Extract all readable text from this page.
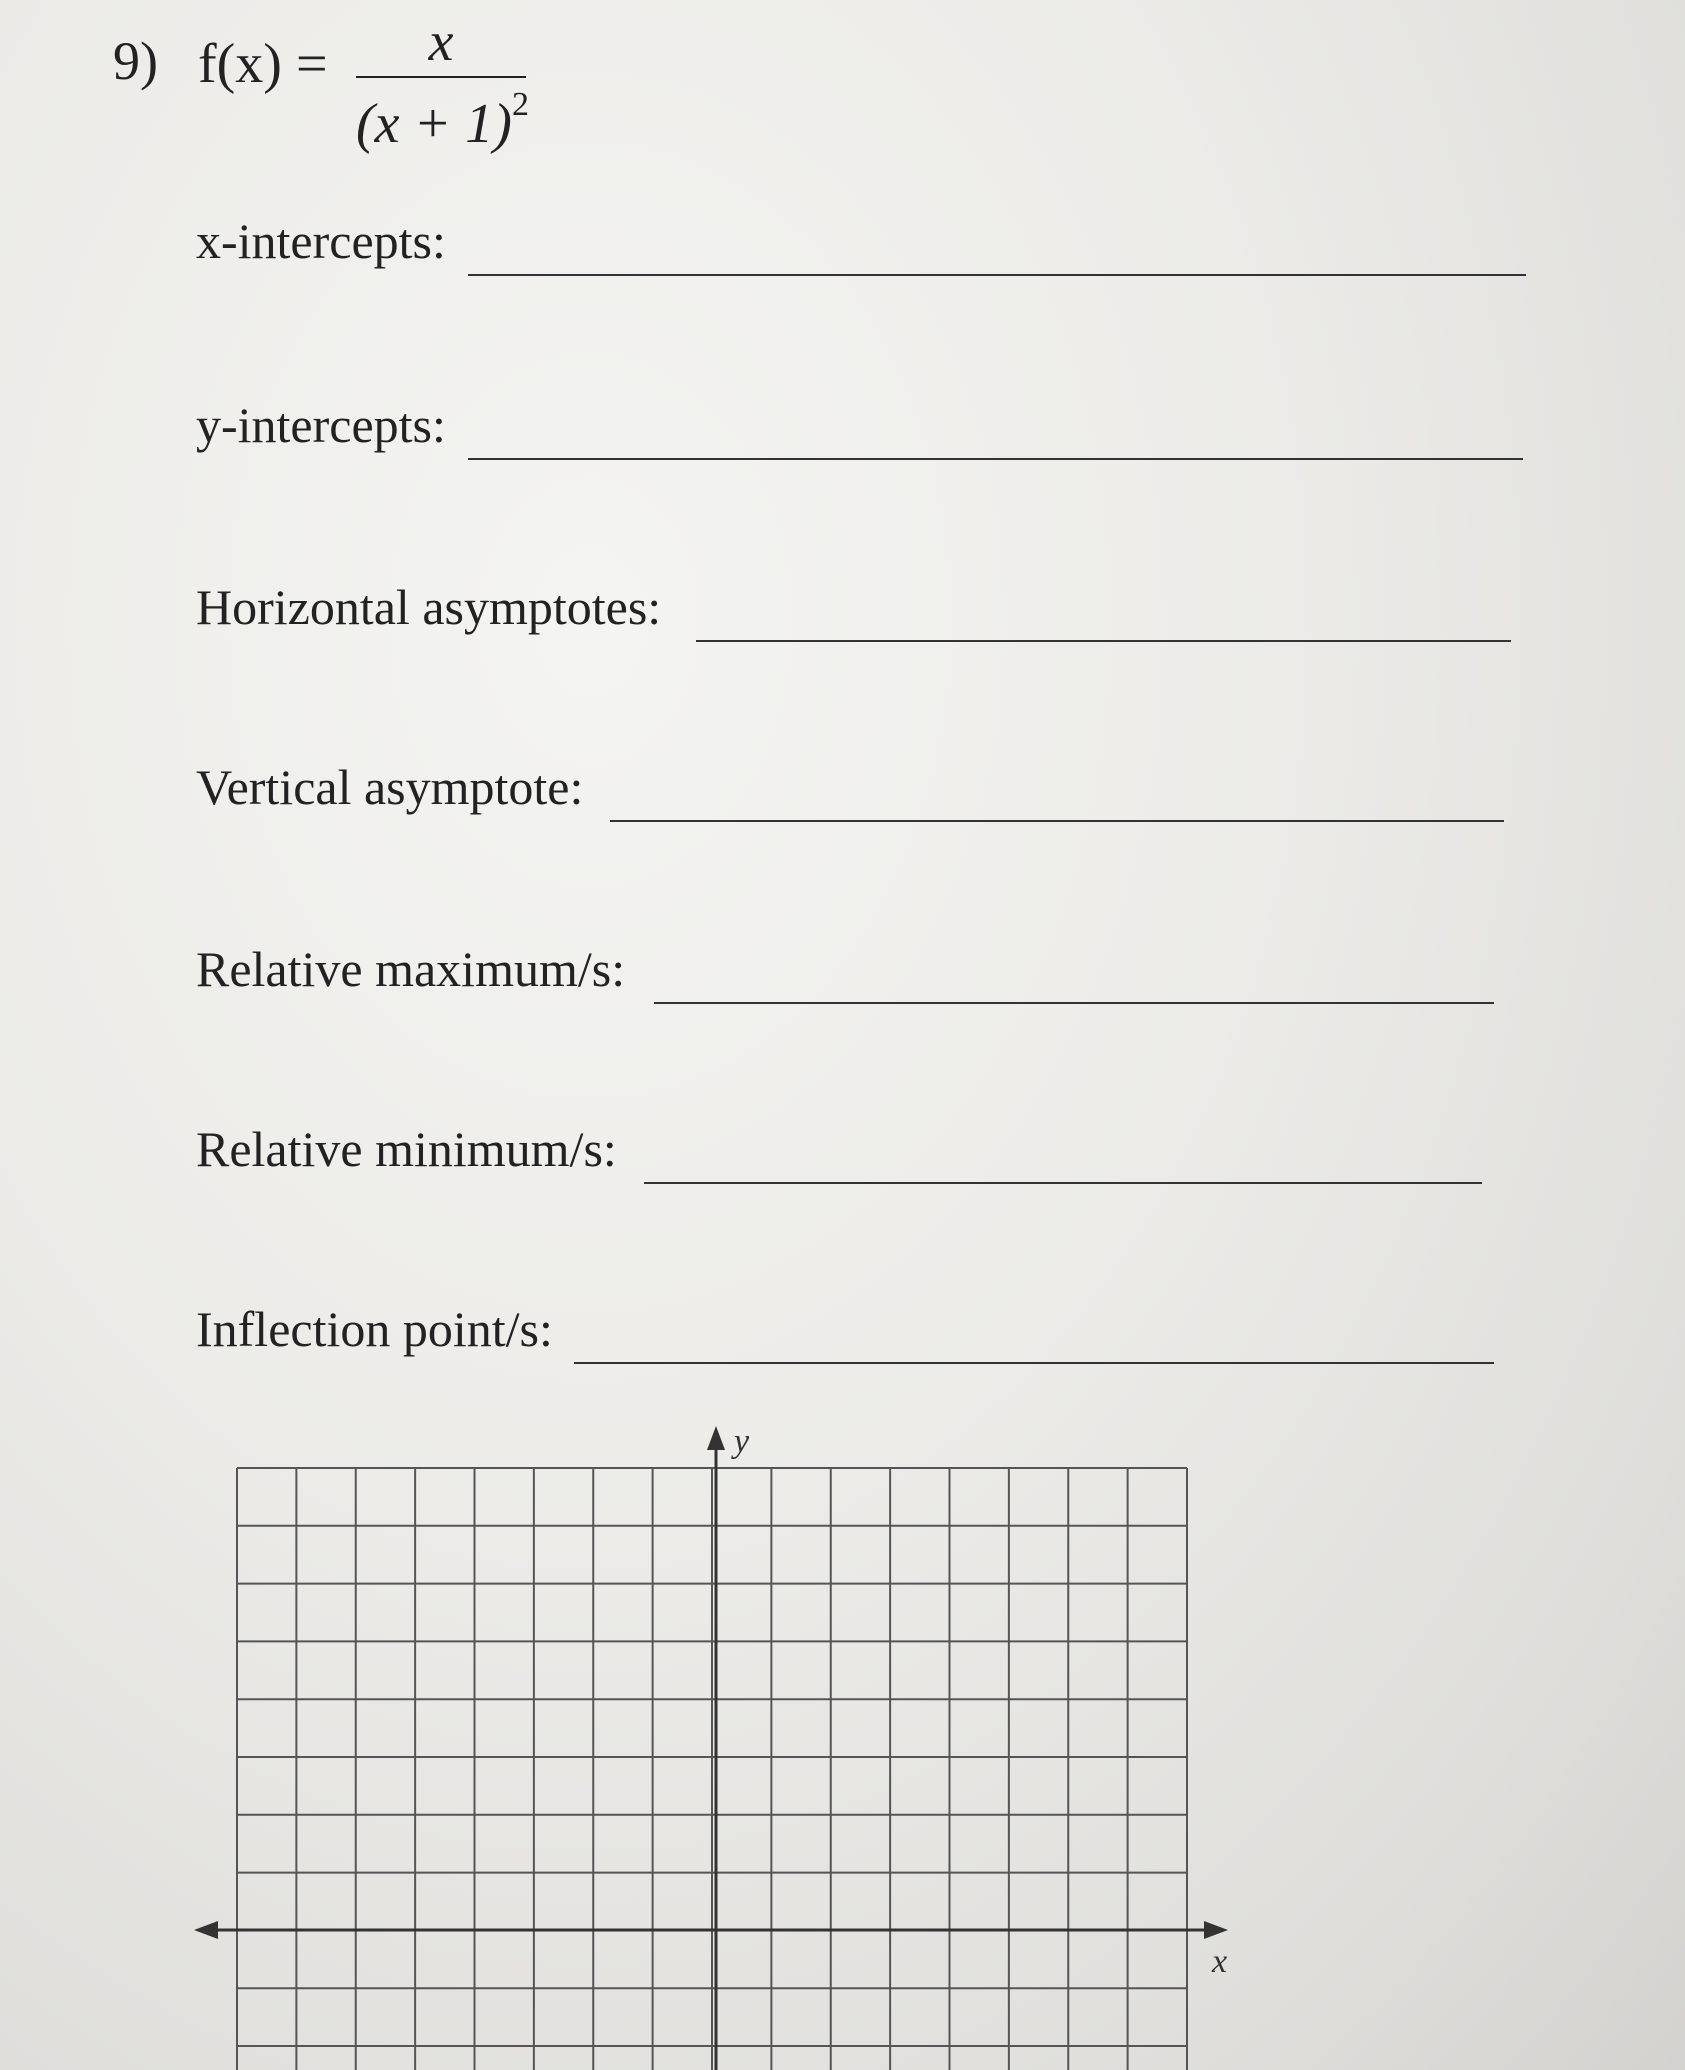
9) f(x) =	x
$(x + 1)^2$
x-intercepts:
y-intercepts:
Horizontal asymptotes:
Vertical asymptote:
Relative maximum/s:
Relative minimum/s:
Inflection point/s:
y
x
